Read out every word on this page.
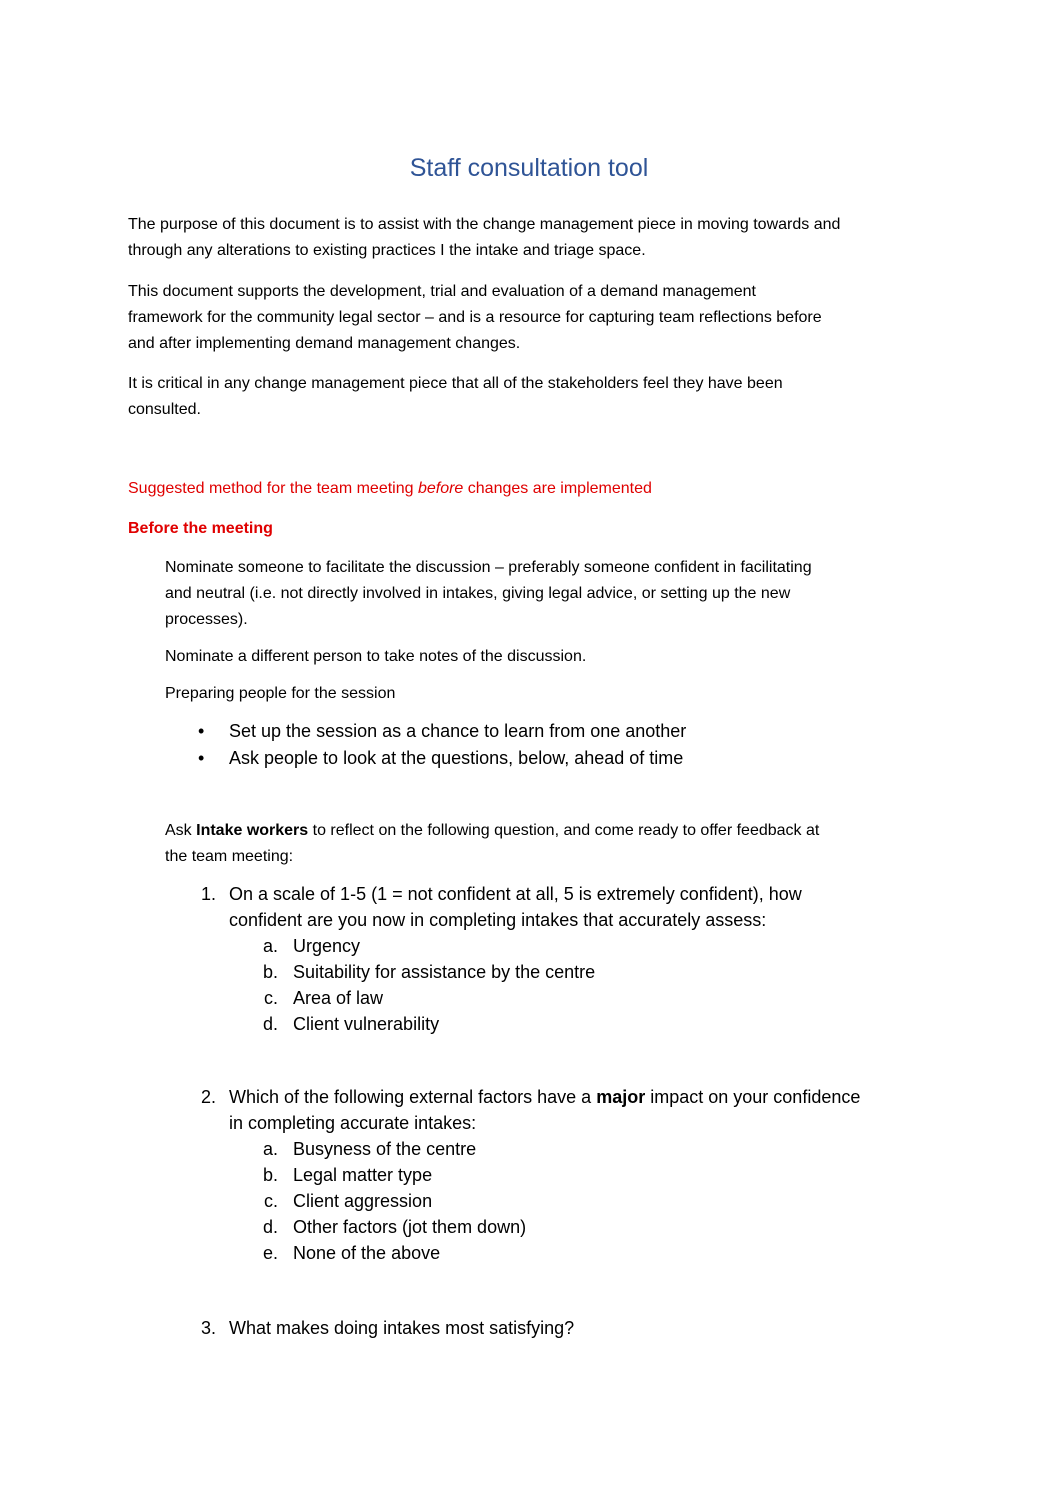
Staff consultation tool
The purpose of this document is to assist with the change management piece in moving towards and
through any alterations to existing practices I the intake and triage space.
This document supports the development, trial and evaluation of a demand management
framework for the community legal sector – and is a resource for capturing team reflections before
and after implementing demand management changes.
It is critical in any change management piece that all of the stakeholders feel they have been
consulted.
Suggested method for the team meeting before changes are implemented
Before the meeting
Nominate someone to facilitate the discussion – preferably someone confident in facilitating
and neutral (i.e. not directly involved in intakes, giving legal advice, or setting up the new
processes).
Nominate a different person to take notes of the discussion.
Preparing people for the session
• Set up the session as a chance to learn from one another
• Ask people to look at the questions, below, ahead of time
Ask Intake workers to reflect on the following question, and come ready to offer feedback at
the team meeting:
1. On a scale of 1-5 (1 = not confident at all, 5 is extremely confident), how
confident are you now in completing intakes that accurately assess:
a. Urgency
b. Suitability for assistance by the centre
c. Area of law
d. Client vulnerability
2. Which of the following external factors have a major impact on your confidence
in completing accurate intakes:
a. Busyness of the centre
b. Legal matter type
c. Client aggression
d. Other factors (jot them down)
e. None of the above
3. What makes doing intakes most satisfying?
